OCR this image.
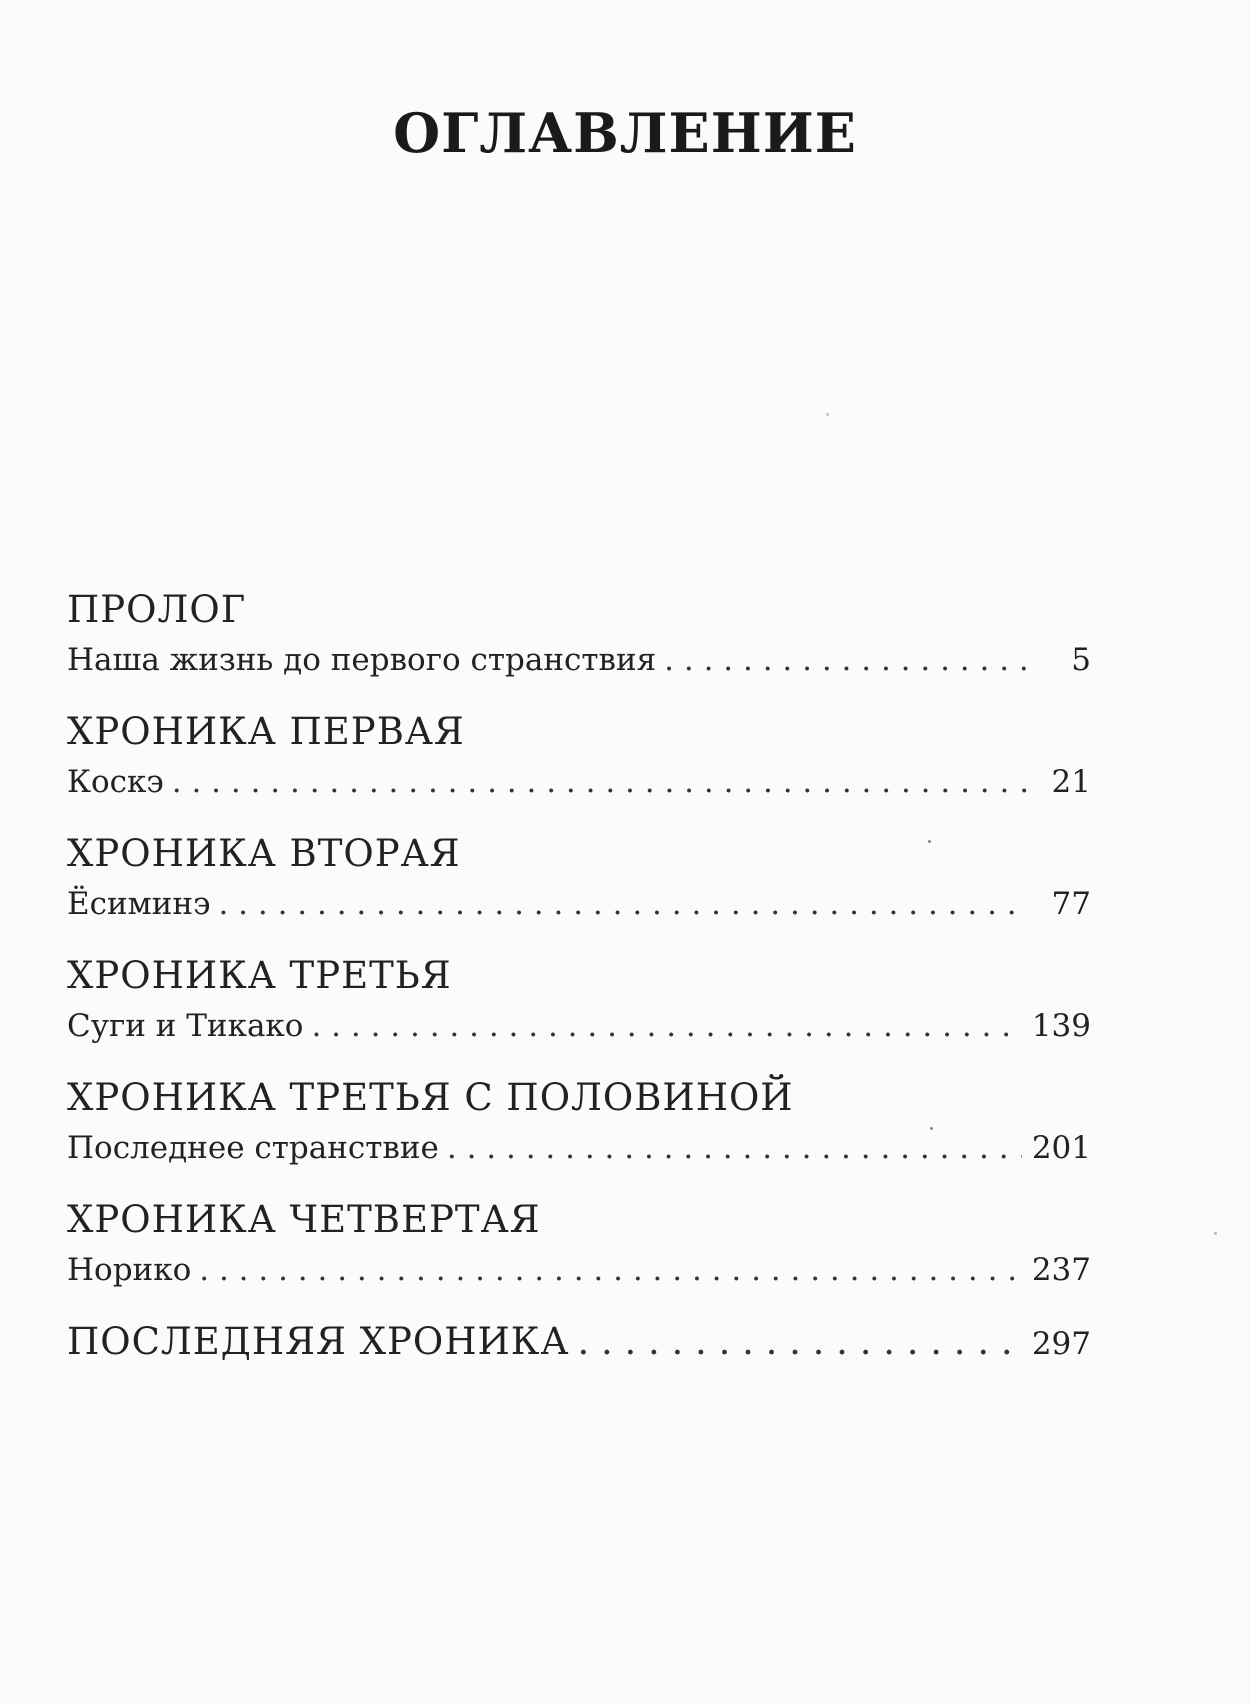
ОГЛАВЛЕНИЕ
ПРОЛОГ
Наша жизнь до первого странствия . . .	5
ХРОНИКА ПЕРВАЯ
Коскэ . . .	21
ХРОНИКА ВТОРАЯ
Ёсиминэ . . .	77
ХРОНИКА ТРЕТЬЯ
Суги и Тикако . . .	139
ХРОНИКА ТРЕТЬЯ С ПОЛОВИНОЙ
Последнее странствие . . .	201
ХРОНИКА ЧЕТВЕРТАЯ
Норико . . .	237
ПОСЛЕДНЯЯ ХРОНИКА . . .	297
